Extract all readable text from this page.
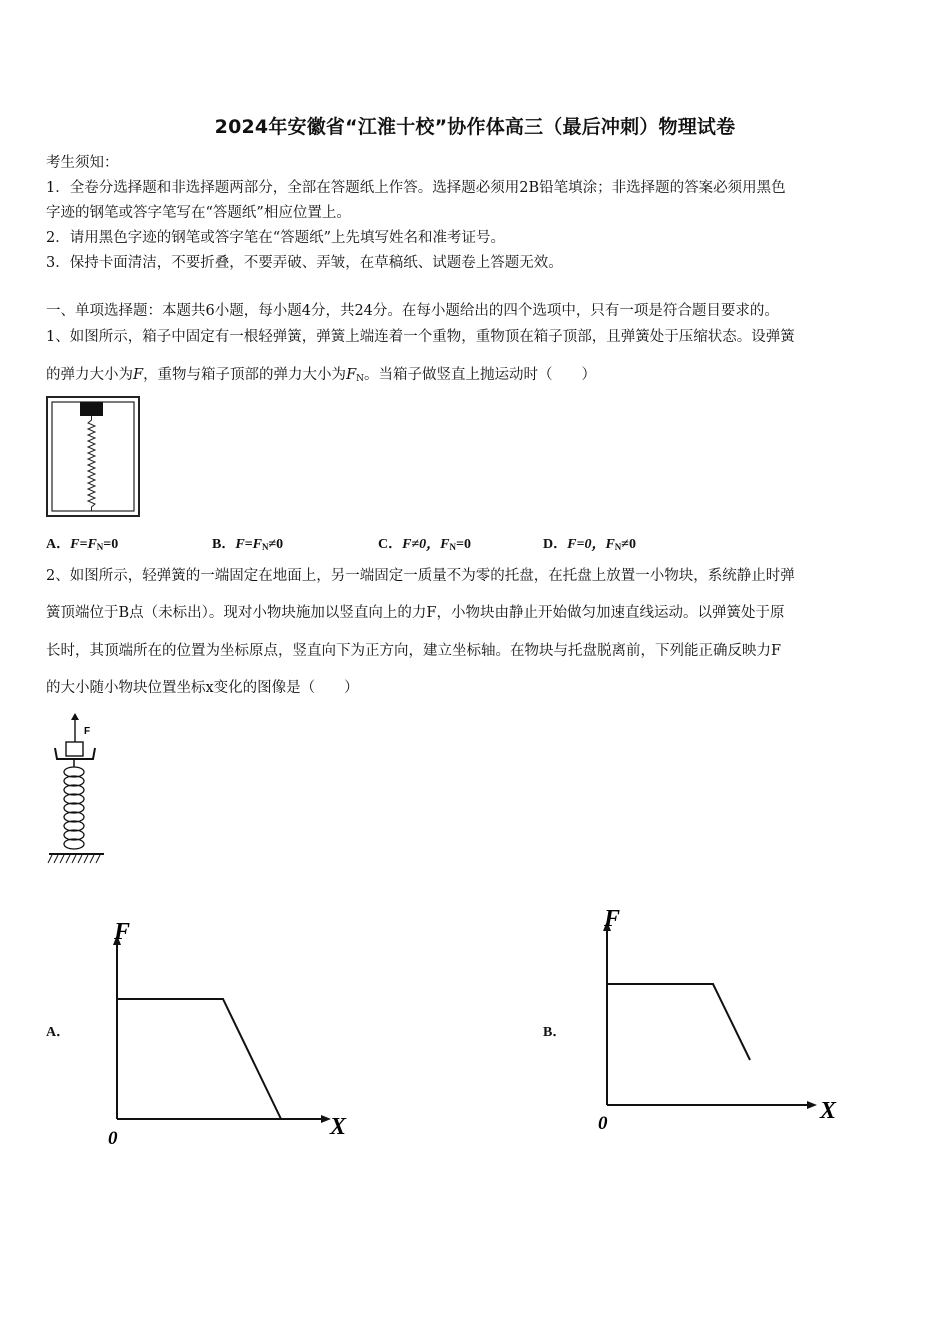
2024年安徽省“江淮十校”协作体高三（最后冲刺）物理试卷
考生须知：
1．全卷分选择题和非选择题两部分，全部在答题纸上作答。选择题必须用2B铅笔填涂；非选择题的答案必须用黑色
字迹的钢笔或答字笔写在“答题纸”相应位置上。
2．请用黑色字迹的钢笔或答字笔在“答题纸”上先填写姓名和准考证号。
3．保持卡面清洁，不要折叠，不要弄破、弄皱，在草稿纸、试题卷上答题无效。
一、单项选择题：本题共6小题，每小题4分，共24分。在每小题给出的四个选项中，只有一项是符合题目要求的。
1、如图所示，箱子中固定有一根轻弹簧，弹簧上端连着一个重物，重物顶在箱子顶部，且弹簧处于压缩状态。设弹簧
的弹力大小为F，重物与箱子顶部的弹力大小为$F_N$。当箱子做竖直上抛运动时（　　）
A．$F=F_N=0$	B．$F=F_N\ne 0$	C．F≠0，$F_N=0$	D．F=0，$F_N\ne 0$
2、如图所示，轻弹簧的一端固定在地面上，另一端固定一质量不为零的托盘，在托盘上放置一小物块，系统静止时弹
簧顶端位于B点（未标出）。现对小物块施加以竖直向上的力F，小物块由静止开始做匀加速直线运动。以弹簧处于原
长时，其顶端所在的位置为坐标原点，竖直向下为正方向，建立坐标轴。在物块与托盘脱离前，下列能正确反映力F
的大小随小物块位置坐标x变化的图像是（　　）
F
A．
F
X
0
B．
F
X
0
